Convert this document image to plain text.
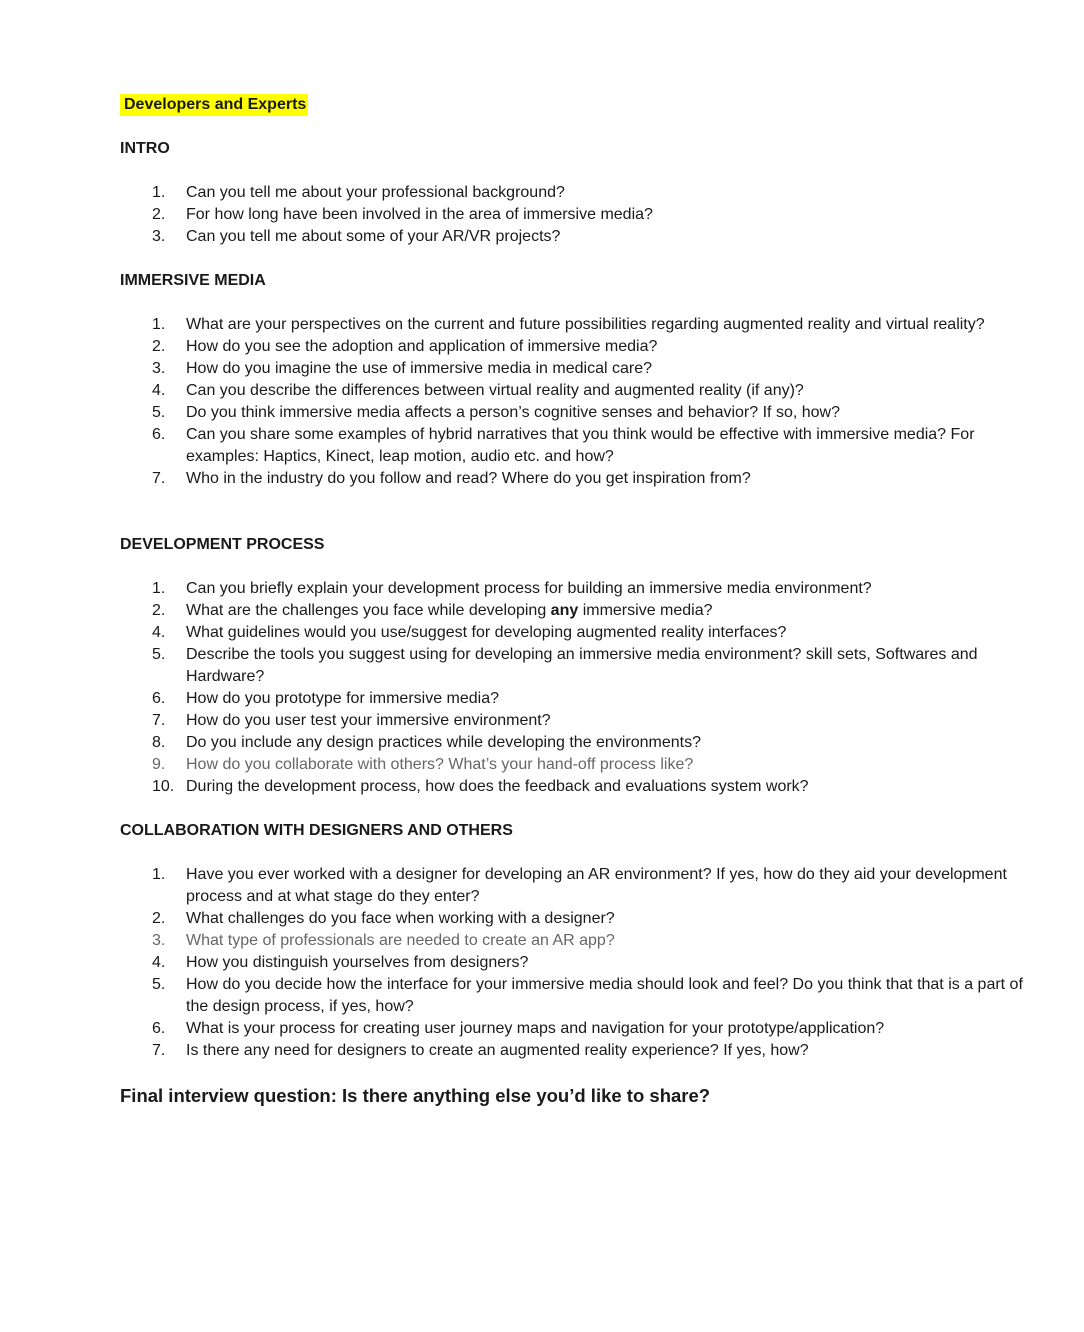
Developers and Experts
INTRO
1. Can you tell me about your professional background?
2. For how long have been involved in the area of immersive media?
3. Can you tell me about some of your AR/VR projects?
IMMERSIVE MEDIA
1. What are your perspectives on the current and future possibilities regarding augmented reality and virtual reality?
2. How do you see the adoption and application of immersive media?
3. How do you imagine the use of immersive media in medical care?
4. Can you describe the differences between virtual reality and augmented reality (if any)?
5. Do you think immersive media affects a person’s cognitive senses and behavior? If so, how?
6. Can you share some examples of hybrid narratives that you think would be effective with immersive media? For examples: Haptics, Kinect, leap motion, audio etc. and how?
7. Who in the industry do you follow and read? Where do you get inspiration from?
DEVELOPMENT PROCESS
1. Can you briefly explain your development process for building an immersive media environment?
2. What are the challenges you face while developing any immersive media?
4. What guidelines would you use/suggest for developing augmented reality interfaces?
5. Describe the tools you suggest using for developing an immersive media environment? skill sets, Softwares and Hardware?
6. How do you prototype for immersive media?
7. How do you user test your immersive environment?
8. Do you include any design practices while developing the environments?
9. How do you collaborate with others? What’s your hand-off process like?
10. During the development process, how does the feedback and evaluations system work?
COLLABORATION WITH DESIGNERS AND OTHERS
1. Have you ever worked with a designer for developing an AR environment? If yes, how do they aid your development process and at what stage do they enter?
2. What challenges do you face when working with a designer?
3. What type of professionals are needed to create an AR app?
4. How you distinguish yourselves from designers?
5. How do you decide how the interface for your immersive media should look and feel? Do you think that that is a part of the design process, if yes, how?
6. What is your process for creating user journey maps and navigation for your prototype/application?
7. Is there any need for designers to create an augmented reality experience? If yes, how?

Final interview question: Is there anything else you’d like to share?
